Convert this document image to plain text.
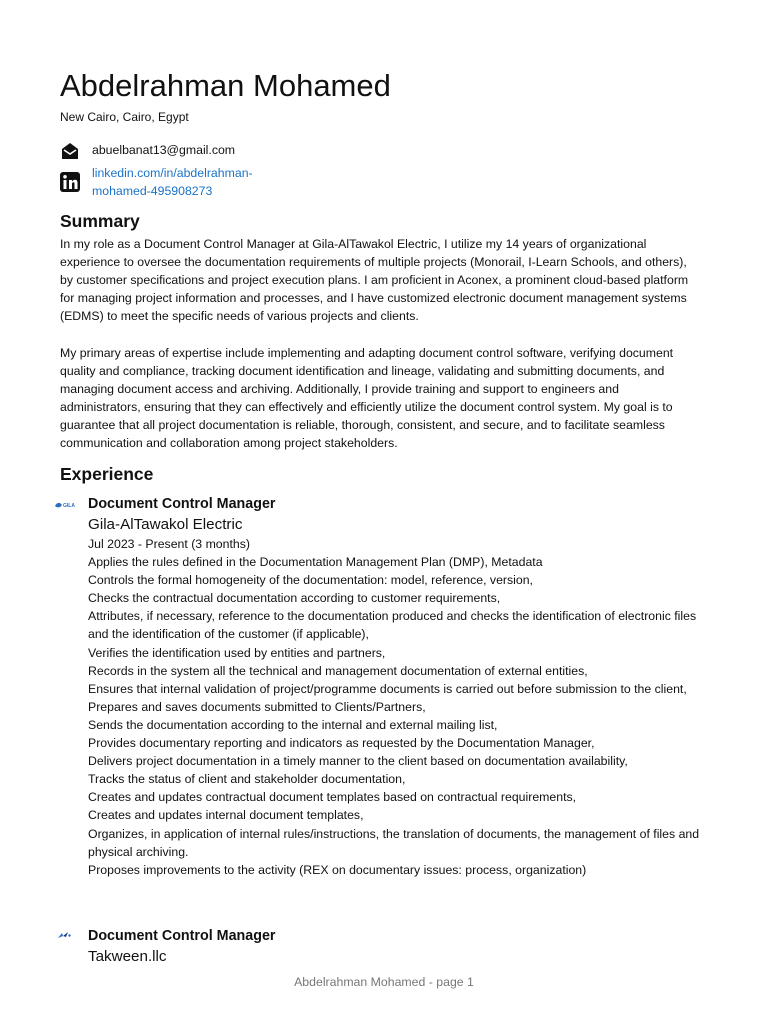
Abdelrahman Mohamed
New Cairo, Cairo, Egypt
abuelbanat13@gmail.com
linkedin.com/in/abdelrahman-
mohamed-495908273
Summary

In my role as a Document Control Manager at Gila-AlTawakol Electric, I utilize my 14 years of organizational experience to oversee the documentation requirements of multiple projects (Monorail, I-Learn Schools, and others), by customer specifications and project execution plans. I am proficient in Aconex, a prominent cloud-based platform for managing project information and processes, and I have customized electronic document management systems (EDMS) to meet the specific needs of various projects and clients.

My primary areas of expertise include implementing and adapting document control software, verifying document quality and compliance, tracking document identification and lineage, validating and submitting documents, and managing document access and archiving. Additionally, I provide training and support to engineers and administrators, ensuring that they can effectively and efficiently utilize the document control system. My goal is to guarantee that all project documentation is reliable, thorough, consistent, and secure, and to facilitate seamless communication and collaboration among project stakeholders.

Experience
GILA Document Control Manager
Gila-AlTawakol Electric
Jul 2023 - Present (3 months)
Applies the rules defined in the Documentation Management Plan (DMP), Metadata
Controls the formal homogeneity of the documentation: model, reference, version,
Checks the contractual documentation according to customer requirements,
Attributes, if necessary, reference to the documentation produced and checks the identification of electronic files and the identification of the customer (if applicable),
Verifies the identification used by entities and partners,
Records in the system all the technical and management documentation of external entities,
Ensures that internal validation of project/programme documents is carried out before submission to the client,
Prepares and saves documents submitted to Clients/Partners,
Sends the documentation according to the internal and external mailing list,
Provides documentary reporting and indicators as requested by the Documentation Manager,
Delivers project documentation in a timely manner to the client based on documentation availability,
Tracks the status of client and stakeholder documentation,
Creates and updates contractual document templates based on contractual requirements,
Creates and updates internal document templates,
Organizes, in application of internal rules/instructions, the translation of documents, the management of files and physical archiving.
Proposes improvements to the activity (REX on documentary issues: process, organization)
Document Control Manager
Takween.llc
Abdelrahman Mohamed - page 1
